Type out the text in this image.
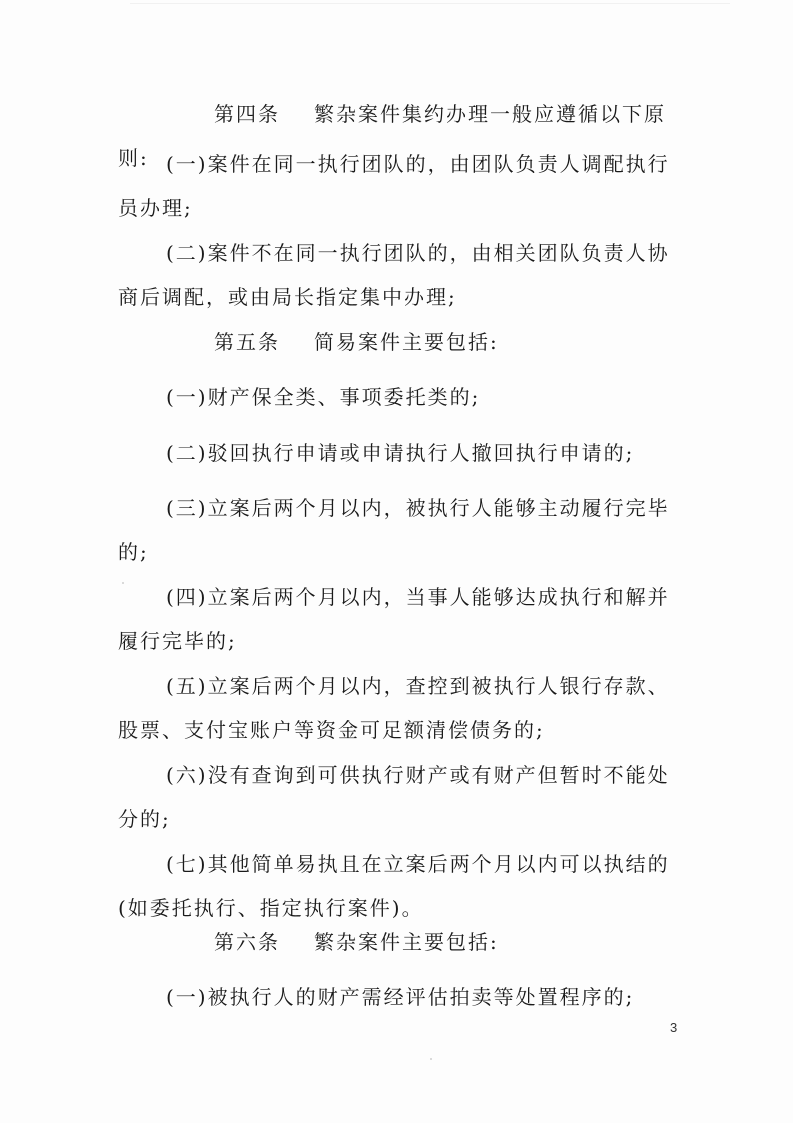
第四条 繁杂案件集约办理一般应遵循以下原则: (一)案件在同一执行团队的，由团队负责人调配执行员办理;
(二)案件不在同一执行团队的，由相关团队负责人协商后调配，或由局长指定集中办理;
第五条 简易案件主要包括:
(一)财产保全类、事项委托类的;
(二)驳回执行申请或申请执行人撤回执行申请的;
(三)立案后两个月以内，被执行人能够主动履行完毕的;
(四)立案后两个月以内，当事人能够达成执行和解并履行完毕的;
(五)立案后两个月以内，查控到被执行人银行存款、股票、支付宝账户等资金可足额清偿债务的;
(六)没有查询到可供执行财产或有财产但暂时不能处分的;
(七)其他简单易执且在立案后两个月以内可以执结的(如委托执行、指定执行案件)。
第六条 繁杂案件主要包括:
(一)被执行人的财产需经评估拍卖等处置程序的;
3
